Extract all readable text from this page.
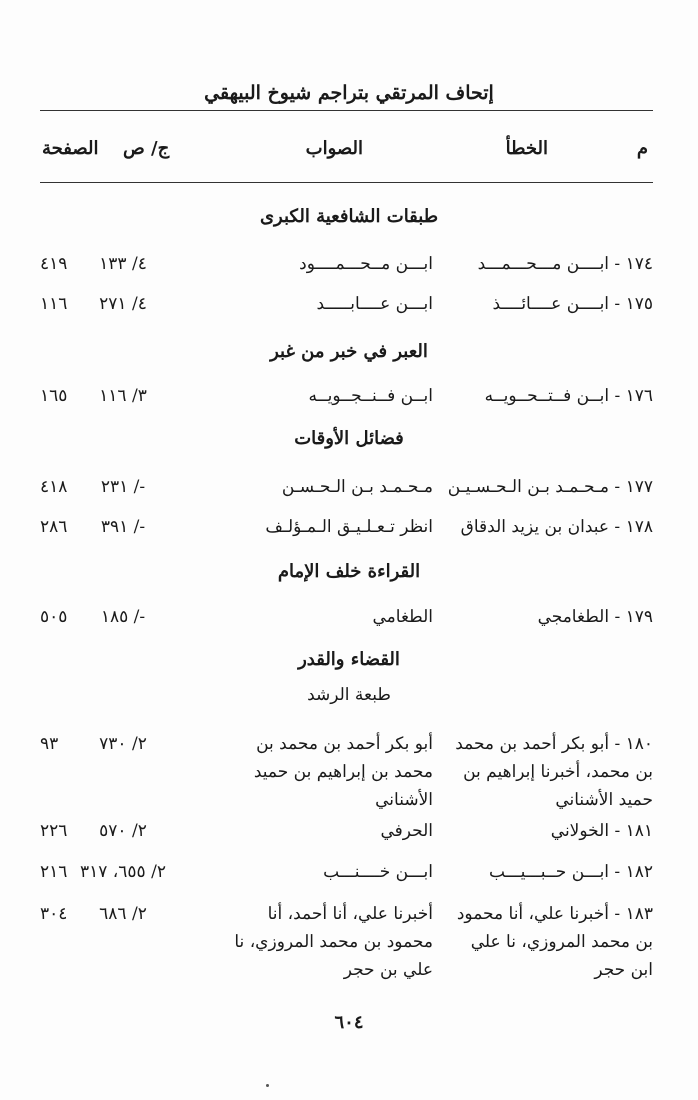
إتحاف المرتقي بتراجم شيوخ البيهقي
م
الخطأ
الصواب
ج/ ص
الصفحة
طبقات الشافعية الكبرى
١٧٤ - ابــــن مـــحـــمـــد
ابـــن مــحـــمــــود
٤/ ١٣٣
٤١٩
١٧٥ - ابــــن عــــائــــذ
ابـــن عــــابـــــد
٤/ ٢٧١
١١٦
العبر في خبر من غبر
١٧٦ - ابــن فــتــحــويــه
ابــن فــنــجــويــه
٣/ ١١٦
١٦٥
فضائل الأوقات
١٧٧ - مـحـمـد بـن الـحـسـيـن
مـحـمـد بـن الـحـسـن
-/ ٢٣١
٤١٨
١٧٨ - عبدان بن يزيد الدقاق
انظر تـعـلـيـق الـمـؤلـف
-/ ٣٩١
٢٨٦
القراءة خلف الإمام
١٧٩ - الطغامجي
الطغامي
-/ ١٨٥
٥٠٥
القضاء والقدر
طبعة الرشد
١٨٠ - أبو بكر أحمد بن محمد بن محمد، أخبرنا إبراهيم بن حميد الأشناني
أبو بكر أحمد بن محمد بن محمد بن إبراهيم بن حميد الأشناني
٢/ ٧٣٠
٩٣
١٨١ - الخولاني
الحرفي
٢/ ٥٧٠
٢٢٦
١٨٢ - ابـــن حــبـــيـــب
ابـــن خــــنـــب
٢/ ٦٥٥، ٣١٧
٢١٦
١٨٣ - أخبرنا علي، أنا محمود بن محمد المروزي، نا علي ابن حجر
أخبرنا علي، أنا أحمد، أنا محمود بن محمد المروزي، نا علي بن حجر
٢/ ٦٨٦
٣٠٤
٦٠٤
